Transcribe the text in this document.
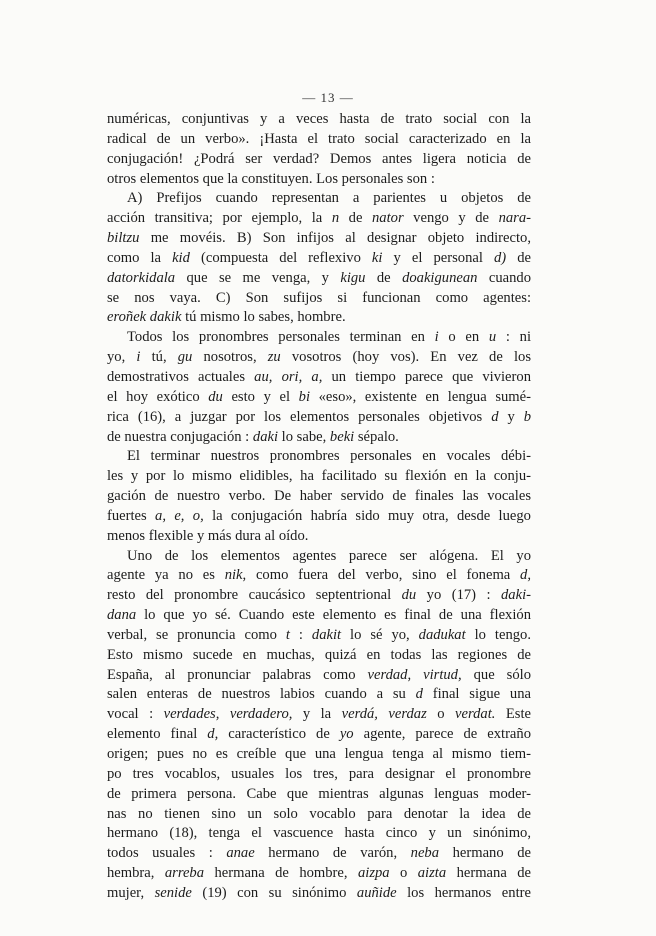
— 13 —
numéricas, conjuntivas y a veces hasta de trato social con la
radical de un verbo». ¡Hasta el trato social caracterizado en la
conjugación! ¿Podrá ser verdad? Demos antes ligera noticia de
otros elementos que la constituyen. Los personales son :
A) Prefijos cuando representan a parientes u objetos de
acción transitiva; por ejemplo, la n de nator vengo y de nara-
biltzu me movéis. B) Son infijos al designar objeto indirecto,
como la kid (compuesta del reflexivo ki y el personal d) de
datorkidala que se me venga, y kigu de doakigunean cuando
se nos vaya. C) Son sufijos si funcionan como agentes:
eroñek dakik tú mismo lo sabes, hombre.
Todos los pronombres personales terminan en i o en u : ni
yo, i tú, gu nosotros, zu vosotros (hoy vos). En vez de los
demostrativos actuales au, ori, a, un tiempo parece que vivieron
el hoy exótico du esto y el bi «eso», existente en lengua sumé-
rica (16), a juzgar por los elementos personales objetivos d y b
de nuestra conjugación : daki lo sabe, beki sépalo.
El terminar nuestros pronombres personales en vocales débi-
les y por lo mismo elidibles, ha facilitado su flexión en la conju-
gación de nuestro verbo. De haber servido de finales las vocales
fuertes a, e, o, la conjugación habría sido muy otra, desde luego
menos flexible y más dura al oído.
Uno de los elementos agentes parece ser alógena. El yo
agente ya no es nik, como fuera del verbo, sino el fonema d,
resto del pronombre caucásico septentrional du yo (17) : daki-
dana lo que yo sé. Cuando este elemento es final de una flexión
verbal, se pronuncia como t : dakit lo sé yo, dadukat lo tengo.
Esto mismo sucede en muchas, quizá en todas las regiones de
España, al pronunciar palabras como verdad, virtud, que sólo
salen enteras de nuestros labios cuando a su d final sigue una
vocal : verdades, verdadero, y la verdá, verdaz o verdat. Este
elemento final d, característico de yo agente, parece de extraño
origen; pues no es creíble que una lengua tenga al mismo tiem-
po tres vocablos, usuales los tres, para designar el pronombre
de primera persona. Cabe que mientras algunas lenguas moder-
nas no tienen sino un solo vocablo para denotar la idea de
hermano (18), tenga el vascuence hasta cinco y un sinónimo,
todos usuales : anae hermano de varón, neba hermano de
hembra, arreba hermana de hombre, aizpa o aizta hermana de
mujer, senide (19) con su sinónimo auñide los hermanos entre
